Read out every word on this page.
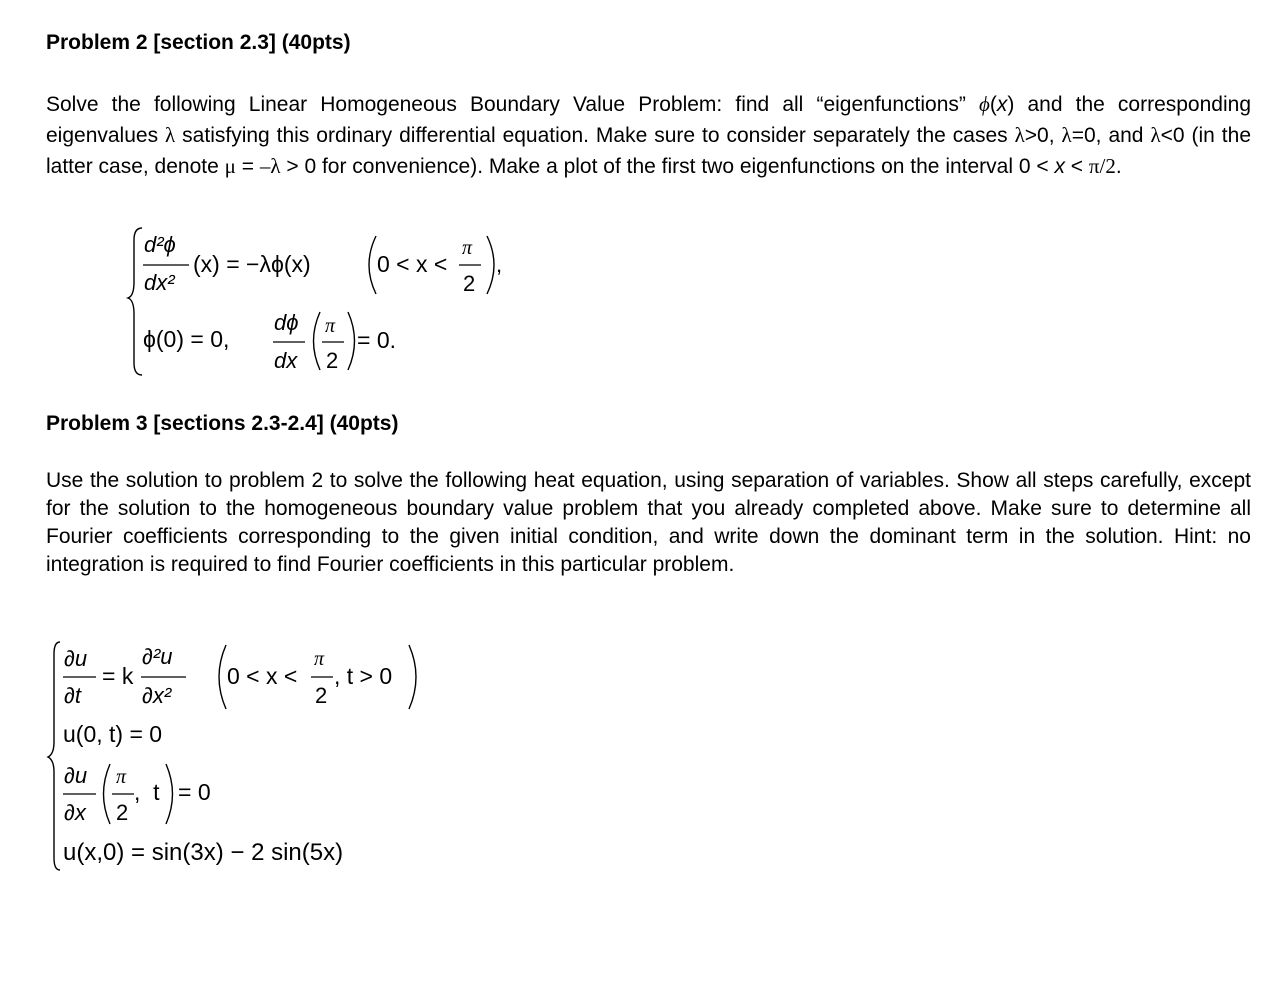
Problem 2 [section 2.3] (40pts)

Solve the following Linear Homogeneous Boundary Value Problem: find all “eigenfunctions” ϕ(x) and the corresponding eigenvalues λ satisfying this ordinary differential equation. Make sure to consider separately the cases λ>0, λ=0, and λ<0 (in the latter case, denote μ = –λ > 0 for convenience). Make a plot of the first two eigenfunctions on the interval 0 < x < π/2.

d²ϕ
dx²
(x) = −λϕ(x)	0 < x <
π
2
,
ϕ(0) = 0,
dϕ
dx
π
2
= 0.
Problem 3 [sections 2.3-2.4] (40pts)

Use the solution to problem 2 to solve the following heat equation, using separation of variables. Show all steps carefully, except for the solution to the homogeneous boundary value problem that you already completed above. Make sure to determine all Fourier coefficients corresponding to the given initial condition, and write down the dominant term in the solution. Hint: no integration is required to find Fourier coefficients in this particular problem.

∂u
∂t
= k
∂²u
∂x²
0 < x <
π
2
, t > 0
u(0, t) = 0
∂u
∂x
π
2
,  t = 0
u(x,0) = sin(3x) − 2 sin(5x)
